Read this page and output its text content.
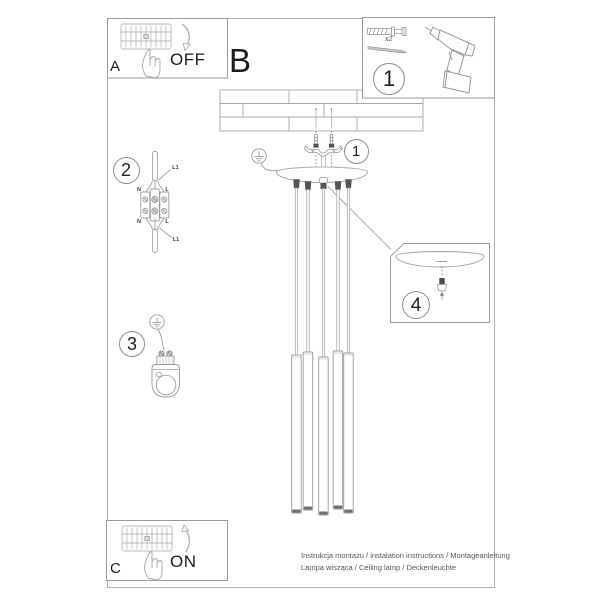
A	OFF B
x2
C	ON
1
1
2
3
4
L1
N	L
N	L
L1
Instrukcja montażu / instalation instructions / Montageanleitung
Lampa wisząca / Ceiling lamp / Deckenleuchte
